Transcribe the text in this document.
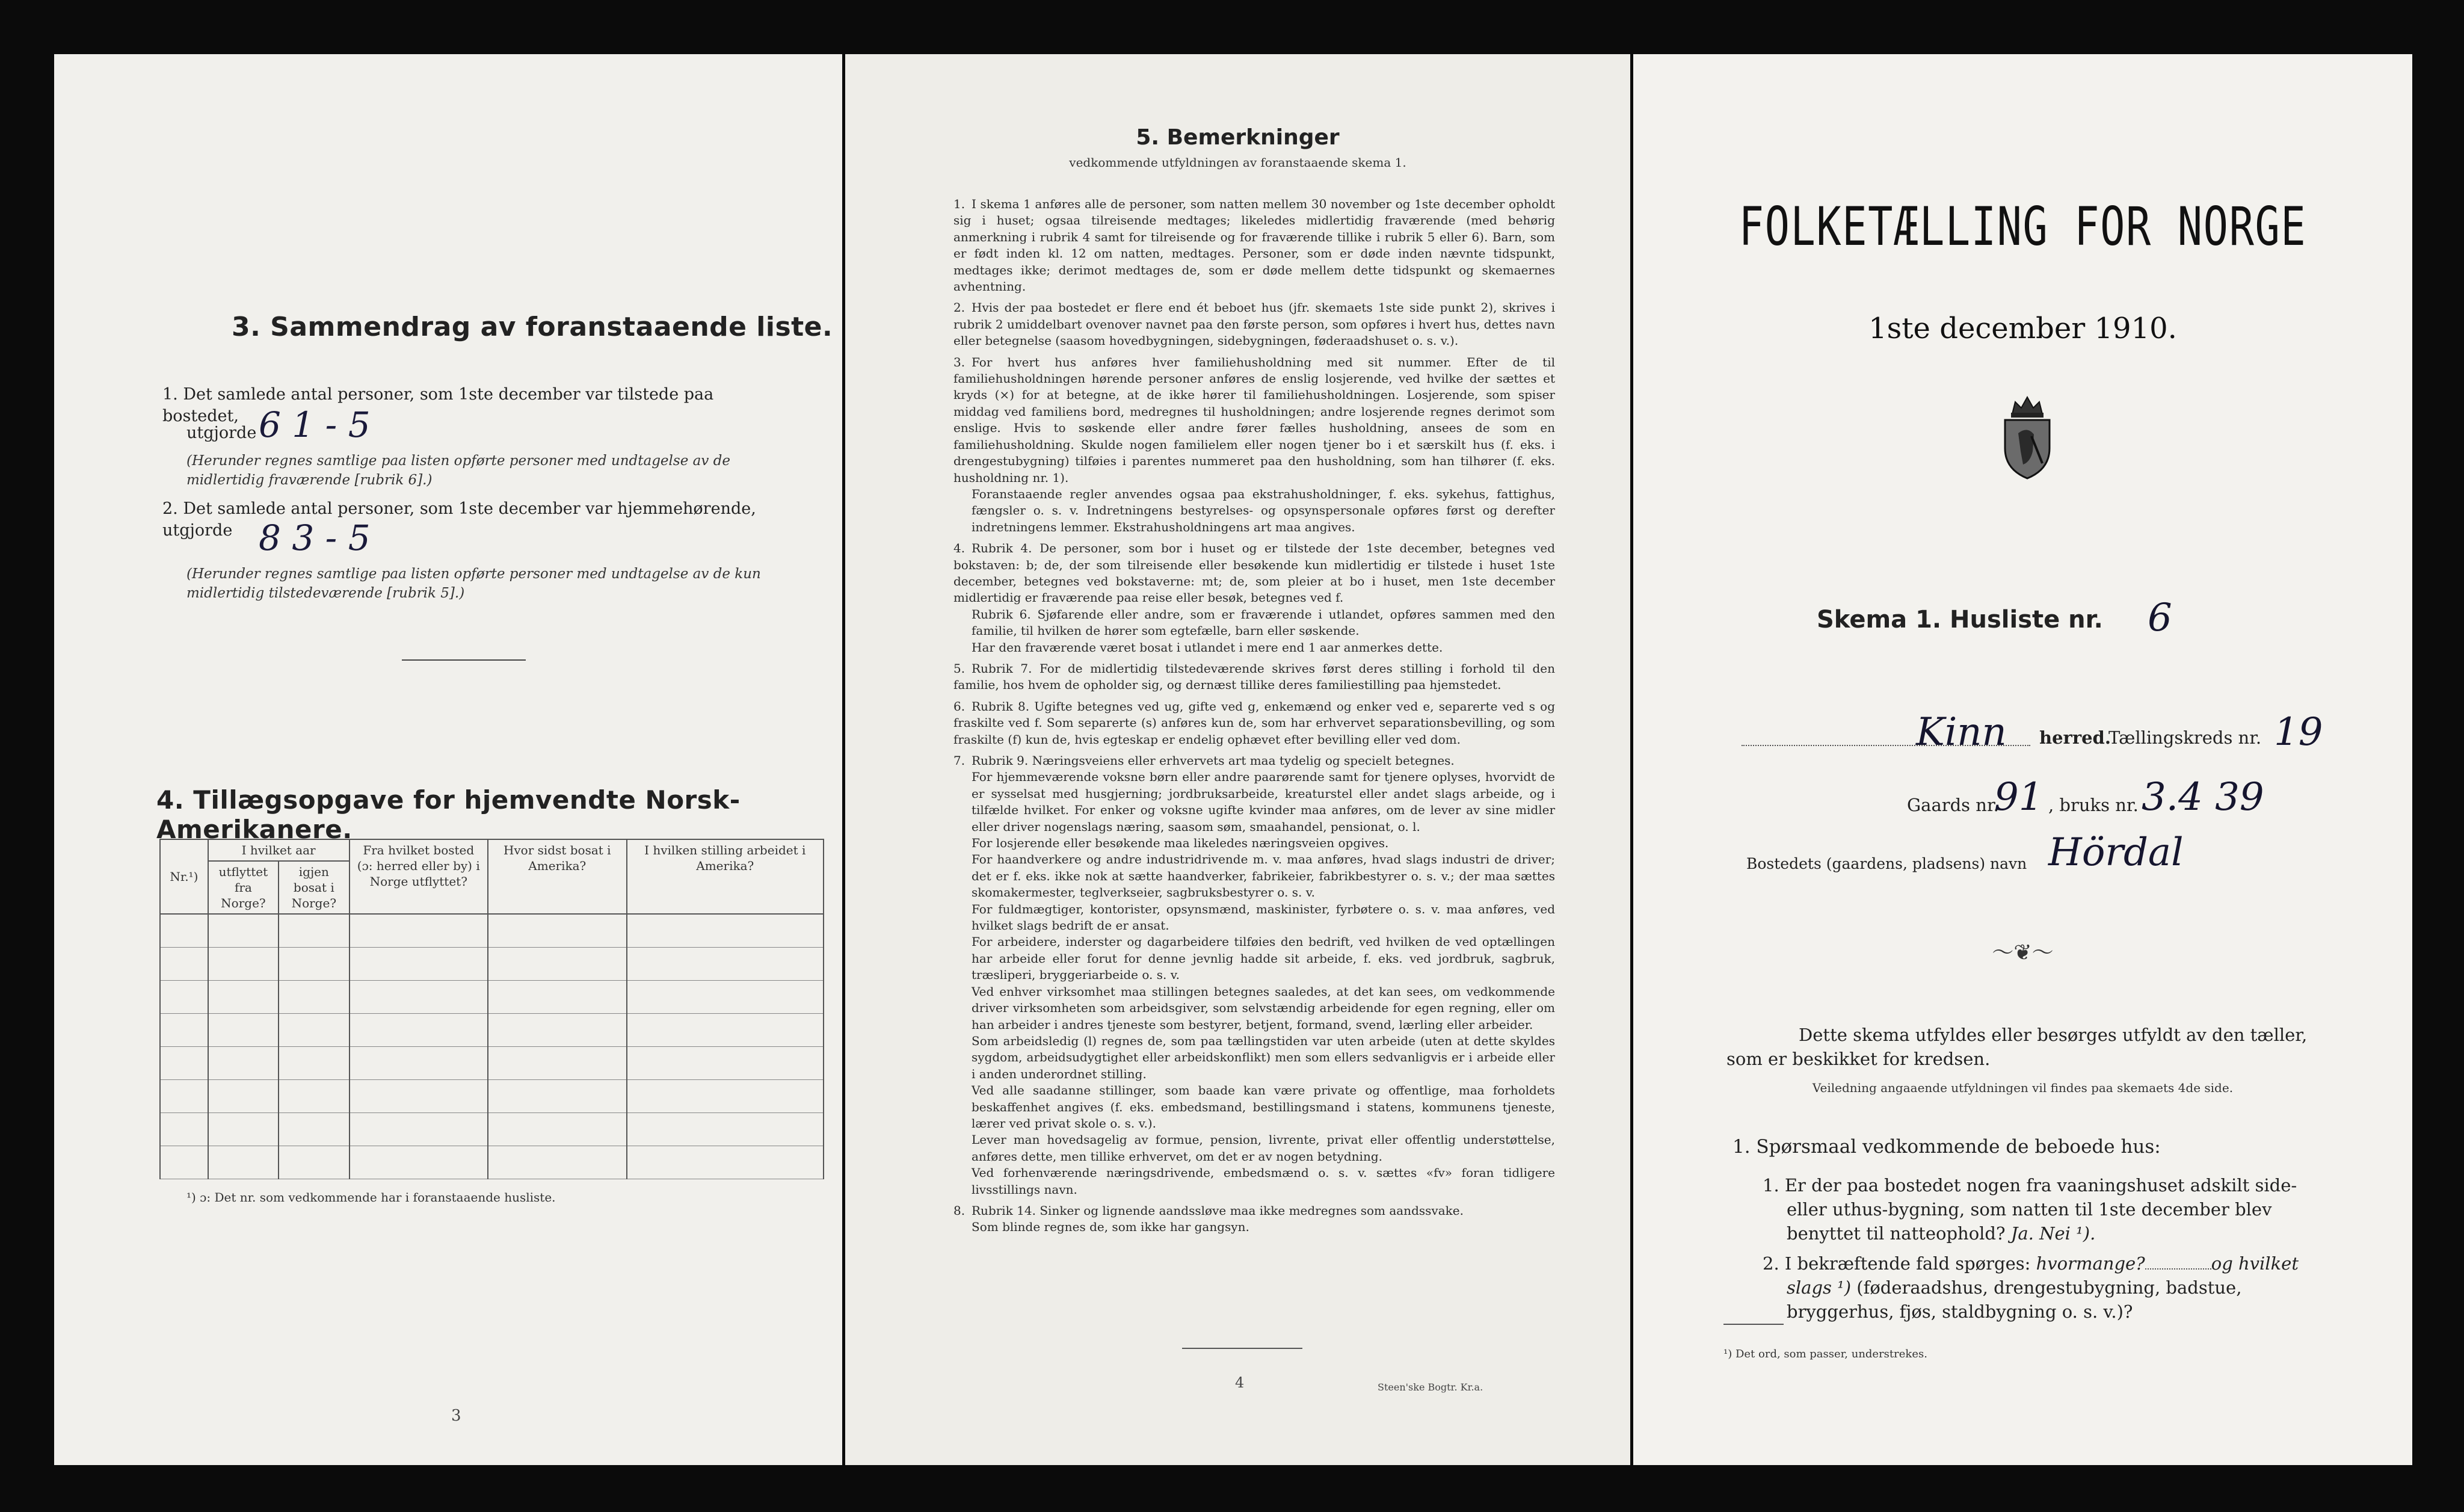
3. Sammendrag av foranstaaende liste.
1. Det samlede antal personer, som 1ste december var tilstede paa bostedet,
utgjorde 6 1 - 5
(Herunder regnes samtlige paa listen opførte personer med undtagelse av de midlertidig fraværende [rubrik 6].)
2. Det samlede antal personer, som 1ste december var hjemmehørende, utgjorde 8 3 - 5
(Herunder regnes samtlige paa listen opførte personer med undtagelse av de kun midlertidig tilstedeværende [rubrik 5].)
4. Tillægsopgave for hjemvendte Norsk-Amerikanere.
Nr.¹)	I hvilket aar		Fra hvilket bosted (ɔ: herred eller by) i Norge utflyttet?	Hvor sidst bosat i Amerika?	I hvilken stilling arbeidet i Amerika?
	utflyttet fra Norge?	igjen bosat i Norge?			

¹) ɔ: Det nr. som vedkommende har i foranstaaende husliste.
3
5. Bemerkninger
vedkommende utfyldningen av foranstaaende skema 1.

1. I skema 1 anføres alle de personer, som natten mellem 30 november og 1ste december opholdt sig i huset; ogsaa tilreisende medtages; likeledes midlertidig fraværende (med behørig anmerkning i rubrik 4 samt for tilreisende og for fraværende tillike i rubrik 5 eller 6). Barn, som er født inden kl. 12 om natten, medtages. Personer, som er døde inden nævnte tidspunkt, medtages ikke; derimot medtages de, som er døde mellem dette tidspunkt og skemaernes avhentning.

2. Hvis der paa bostedet er flere end ét beboet hus (jfr. skemaets 1ste side punkt 2), skrives i rubrik 2 umiddelbart ovenover navnet paa den første person, som opføres i hvert hus, dettes navn eller betegnelse (saasom hovedbygningen, sidebygningen, føderaadshuset o. s. v.).

3. For hvert hus anføres hver familiehusholdning med sit nummer. Efter de til familiehusholdningen hørende personer anføres de enslig losjerende, ved hvilke der sættes et kryds (×) for at betegne, at de ikke hører til familiehusholdningen. Losjerende, som spiser middag ved familiens bord, medregnes til husholdningen; andre losjerende regnes derimot som enslige. Hvis to søskende eller andre fører fælles husholdning, ansees de som en familiehusholdning. Skulde nogen familielem eller nogen tjener bo i et særskilt hus (f. eks. i drengestubygning) tilføies i parentes nummeret paa den husholdning, som han tilhører (f. eks. husholdning nr. 1).

Foranstaaende regler anvendes ogsaa paa ekstrahusholdninger, f. eks. sykehus, fattighus, fængsler o. s. v. Indretningens bestyrelses- og opsynspersonale opføres først og derefter indretningens lemmer. Ekstrahusholdningens art maa angives.

4. Rubrik 4. De personer, som bor i huset og er tilstede der 1ste december, betegnes ved bokstaven: b; de, der som tilreisende eller besøkende kun midlertidig er tilstede i huset 1ste december, betegnes ved bokstaverne: mt; de, som pleier at bo i huset, men 1ste december midlertidig er fraværende paa reise eller besøk, betegnes ved f.

Rubrik 6. Sjøfarende eller andre, som er fraværende i utlandet, opføres sammen med den familie, til hvilken de hører som egtefælle, barn eller søskende.

Har den fraværende været bosat i utlandet i mere end 1 aar anmerkes dette.

5. Rubrik 7. For de midlertidig tilstedeværende skrives først deres stilling i forhold til den familie, hos hvem de opholder sig, og dernæst tillike deres familiestilling paa hjemstedet.

6. Rubrik 8. Ugifte betegnes ved ug, gifte ved g, enkemænd og enker ved e, separerte ved s og fraskilte ved f. Som separerte (s) anføres kun de, som har erhvervet separationsbevilling, og som fraskilte (f) kun de, hvis egteskap er endelig ophævet efter bevilling eller ved dom.

7. Rubrik 9. Næringsveiens eller erhvervets art maa tydelig og specielt betegnes.

For hjemmeværende voksne børn eller andre paarørende samt for tjenere oplyses, hvorvidt de er sysselsat med husgjerning; jordbruksarbeide, kreaturstel eller andet slags arbeide, og i tilfælde hvilket. For enker og voksne ugifte kvinder maa anføres, om de lever av sine midler eller driver nogenslags næring, saasom søm, smaahandel, pensionat, o. l.

For losjerende eller besøkende maa likeledes næringsveien opgives.

For haandverkere og andre industridrivende m. v. maa anføres, hvad slags industri de driver; det er f. eks. ikke nok at sætte haandverker, fabrikeier, fabrikbestyrer o. s. v.; der maa sættes skomakermester, teglverkseier, sagbruksbestyrer o. s. v.

For fuldmægtiger, kontorister, opsynsmænd, maskinister, fyrbøtere o. s. v. maa anføres, ved hvilket slags bedrift de er ansat.

For arbeidere, inderster og dagarbeidere tilføies den bedrift, ved hvilken de ved optællingen har arbeide eller forut for denne jevnlig hadde sit arbeide, f. eks. ved jordbruk, sagbruk, træsliperi, bryggeriarbeide o. s. v.

Ved enhver virksomhet maa stillingen betegnes saaledes, at det kan sees, om vedkommende driver virksomheten som arbeidsgiver, som selvstændig arbeidende for egen regning, eller om han arbeider i andres tjeneste som bestyrer, betjent, formand, svend, lærling eller arbeider.

Som arbeidsledig (l) regnes de, som paa tællingstiden var uten arbeide (uten at dette skyldes sygdom, arbeidsudygtighet eller arbeidskonflikt) men som ellers sedvanligvis er i arbeide eller i anden underordnet stilling.

Ved alle saadanne stillinger, som baade kan være private og offentlige, maa forholdets beskaffenhet angives (f. eks. embedsmand, bestillingsmand i statens, kommunens tjeneste, lærer ved privat skole o. s. v.).

Lever man hovedsagelig av formue, pension, livrente, privat eller offentlig understøttelse, anføres dette, men tillike erhvervet, om det er av nogen betydning.

Ved forhenværende næringsdrivende, embedsmænd o. s. v. sættes «fv» foran tidligere livsstillings navn.

8. Rubrik 14. Sinker og lignende aandssløve maa ikke medregnes som aandssvake.

Som blinde regnes de, som ikke har gangsyn.

4	Steen'ske Bogtr. Kr.a.
FOLKETÆLLING FOR NORGE
1ste december 1910.
Skema 1. Husliste nr. 6
Kinn herred.
Tællingskreds nr. 19
Gaards nr.
91 , bruks nr. 3.4 39
Bostedets (gaardens, pladsens) navn Hördal
〜❦〜
Dette skema utfyldes eller besørges utfyldt av den tæller, som er beskikket for kredsen.
Veiledning angaaende utfyldningen vil findes paa skemaets 4de side.
1. Spørsmaal vedkommende de beboede hus:
1. Er der paa bostedet nogen fra vaaningshuset adskilt side- eller uthus-bygning, som natten til 1ste december blev benyttet til natteophold? Ja. Nei ¹).
2. I bekræftende fald spørges: hvormange?	og hvilket slags ¹) (føderaadshus, drengestubygning, badstue, bryggerhus, fjøs, staldbygning o. s. v.)?
¹) Det ord, som passer, understrekes.
